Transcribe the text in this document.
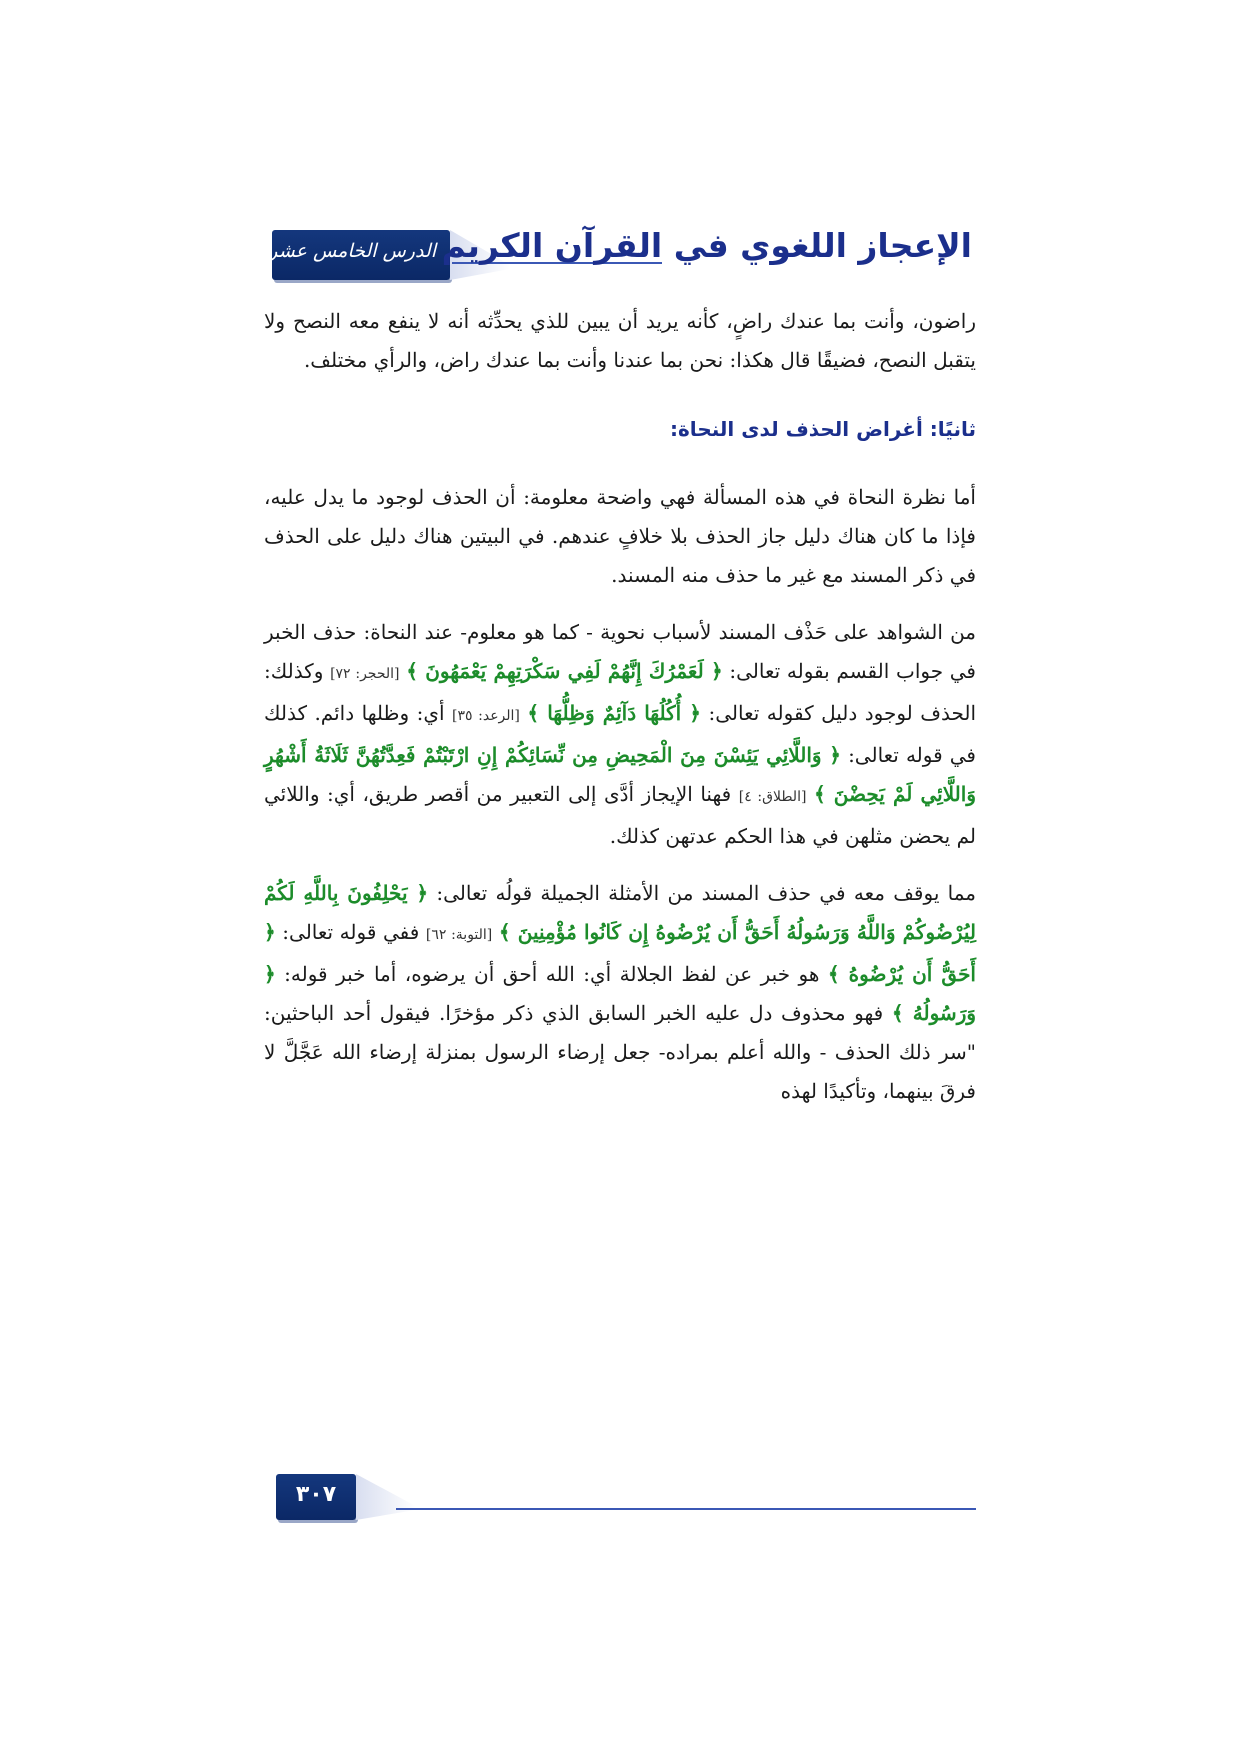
الدرس الخامس عشر الإعجاز اللغوي في القرآن الكريم

راضون، وأنت بما عندك راضٍ، كأنه يريد أن يبين للذي يحدِّثه أنه لا ينفع معه النصح ولا يتقبل النصح، فضيقًا قال هكذا: نحن بما عندنا وأنت بما عندك راض، والرأي مختلف.

ثانيًا: أغراض الحذف لدى النحاة:

أما نظرة النحاة في هذه المسألة فهي واضحة معلومة: أن الحذف لوجود ما يدل عليه، فإذا ما كان هناك دليل جاز الحذف بلا خلافٍ عندهم. في البيتين هناك دليل على الحذف في ذكر المسند مع غير ما حذف منه المسند.

من الشواهد على حَذْف المسند لأسباب نحوية - كما هو معلوم- عند النحاة: حذف الخبر في جواب القسم بقوله تعالى: ﴿ لَعَمْرُكَ إِنَّهُمْ لَفِي سَكْرَتِهِمْ يَعْمَهُونَ ﴾ [الحجر: ٧٢] وكذلك: الحذف لوجود دليل كقوله تعالى: ﴿ أُكُلُهَا دَآئِمٌ وَظِلُّهَا ﴾ [الرعد: ٣٥] أي: وظلها دائم. كذلك في قوله تعالى: ﴿ وَاللَّائِي يَئِسْنَ مِنَ الْمَحِيضِ مِن نِّسَائِكُمْ إِنِ ارْتَبْتُمْ فَعِدَّتُهُنَّ ثَلَاثَةُ أَشْهُرٍ وَاللَّائِي لَمْ يَحِضْنَ ﴾ [الطلاق: ٤] فهنا الإيجاز أدَّى إلى التعبير من أقصر طريق، أي: واللائي لم يحضن مثلهن في هذا الحكم عدتهن كذلك.

مما يوقف معه في حذف المسند من الأمثلة الجميلة قولُه تعالى: ﴿ يَحْلِفُونَ بِاللَّهِ لَكُمْ لِيُرْضُوكُمْ وَاللَّهُ وَرَسُولُهُ أَحَقُّ أَن يُرْضُوهُ إِن كَانُوا مُؤْمِنِينَ ﴾ [التوبة: ٦٢] ففي قوله تعالى: ﴿ أَحَقُّ أَن يُرْضُوهُ ﴾ هو خبر عن لفظ الجلالة أي: الله أحق أن يرضوه، أما خبر قوله: ﴿ وَرَسُولُهُ ﴾ فهو محذوف دل عليه الخبر السابق الذي ذكر مؤخرًا. فيقول أحد الباحثين: "سر ذلك الحذف - والله أعلم بمراده- جعل إرضاء الرسول بمنزلة إرضاء الله عَجَّلَّ لا فرقَ بينهما، وتأكيدًا لهذه

٣٠٧
